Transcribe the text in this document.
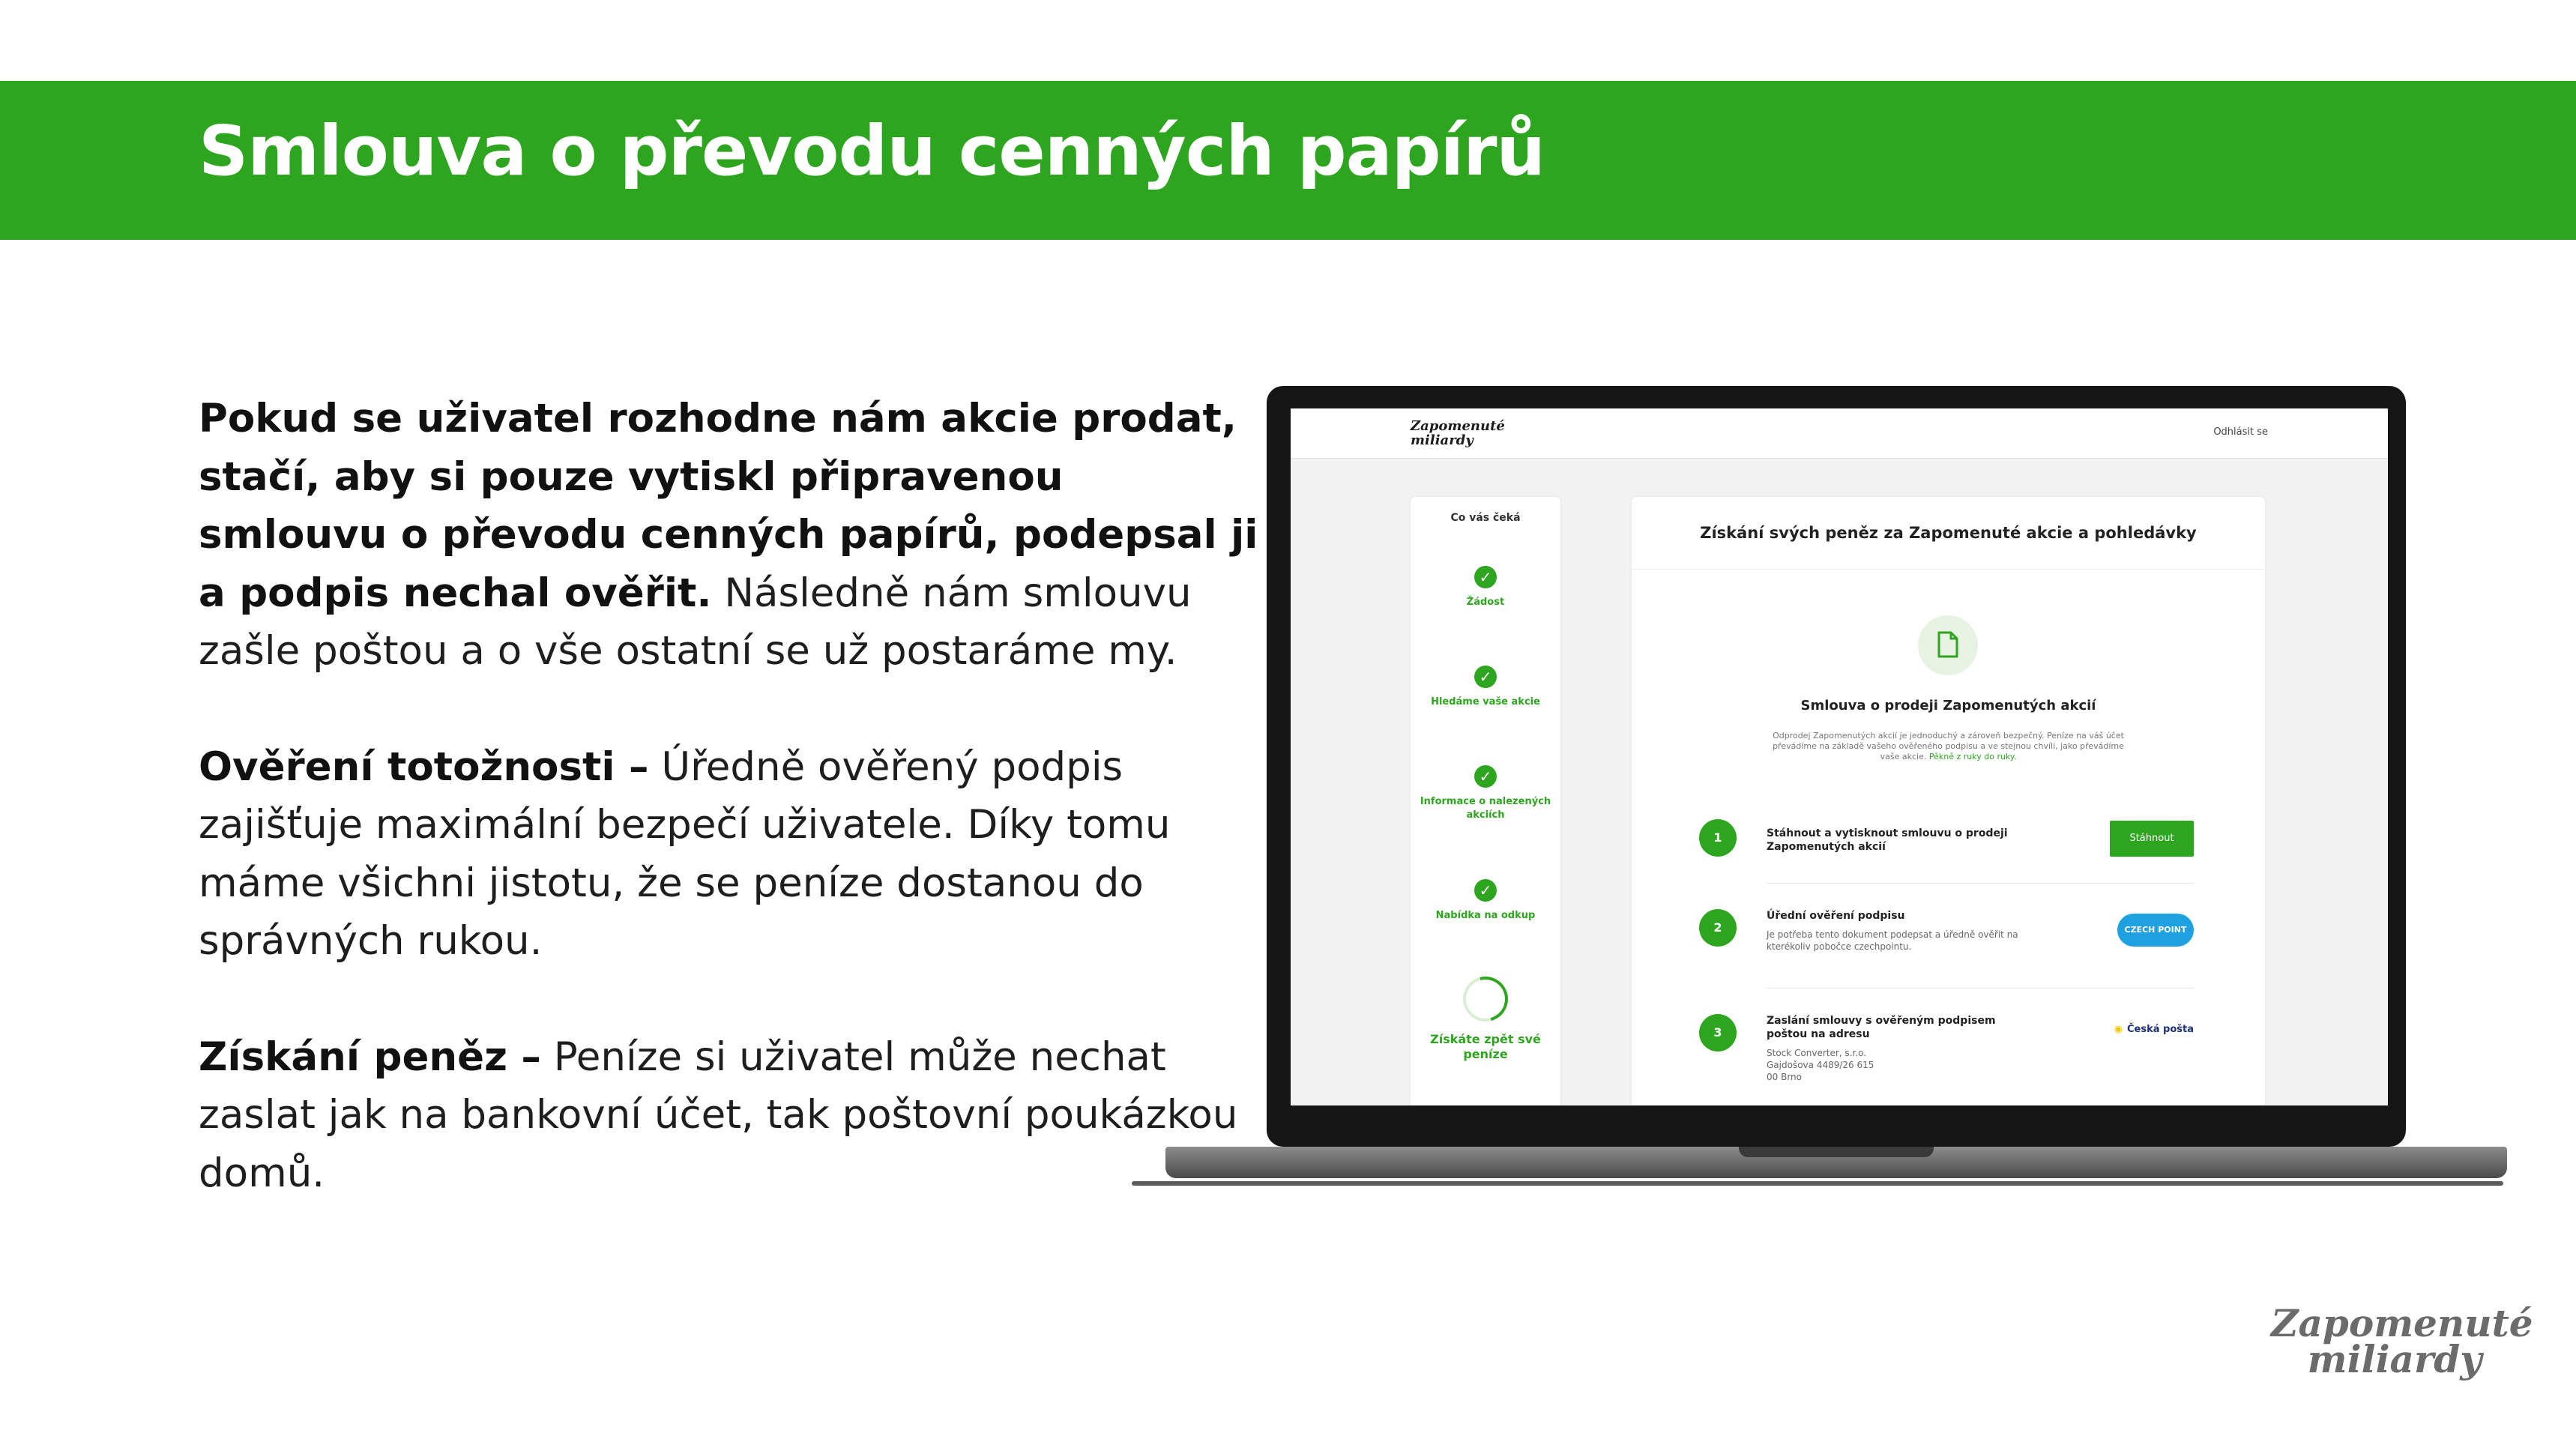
Smlouva o převodu cenných papírů

Pokud se uživatel rozhodne nám akcie prodat, stačí, aby si pouze vytiskl připravenou smlouvu o převodu cenných papírů, podepsal ji a podpis nechal ověřit. Následně nám smlouvu zašle poštou a o vše ostatní se už postaráme my.

Ověření totožnosti – Úředně ověřený podpis zajišťuje maximální bezpečí uživatele. Díky tomu máme všichni jistotu, že se peníze dostanou do správných rukou.

Získání peněz – Peníze si uživatel může nechat zaslat jak na bankovní účet, tak poštovní poukázkou domů.

Zapomenuté miliardy
Odhlásit se
Co vás čeká
✓
Žádost
✓
Hledáme vaše akcie
✓
Informace o nalezených akciích
✓
Nabídka na odkup
Získáte zpět své peníze
Získání svých peněz za Zapomenuté akcie a pohledávky
Smlouva o prodeji Zapomenutých akcií
Odprodej Zapomenutých akcií je jednoduchý a zároveň bezpečný. Peníze na váš účet převádíme na základě vašeho ověřeného podpisu a ve stejnou chvíli, jako převádíme vaše akcie. Pěkně z ruky do ruky.
1	Stáhnout a vytisknout smlouvu o prodeji Zapomenutých akcií
Stáhnout
2
Úřední ověření podpisu
Je potřeba tento dokument podepsat a úředně ověřit na kterékoliv pobočce czechpointu.
CZECH POINT
3
Zaslání smlouvy s ověřeným podpisem poštou na adresu
Stock Converter, s.r.o. Gajdošova 4489/26 615 00 Brno
◉ Česká pošta
Zapomenuté miliardy
